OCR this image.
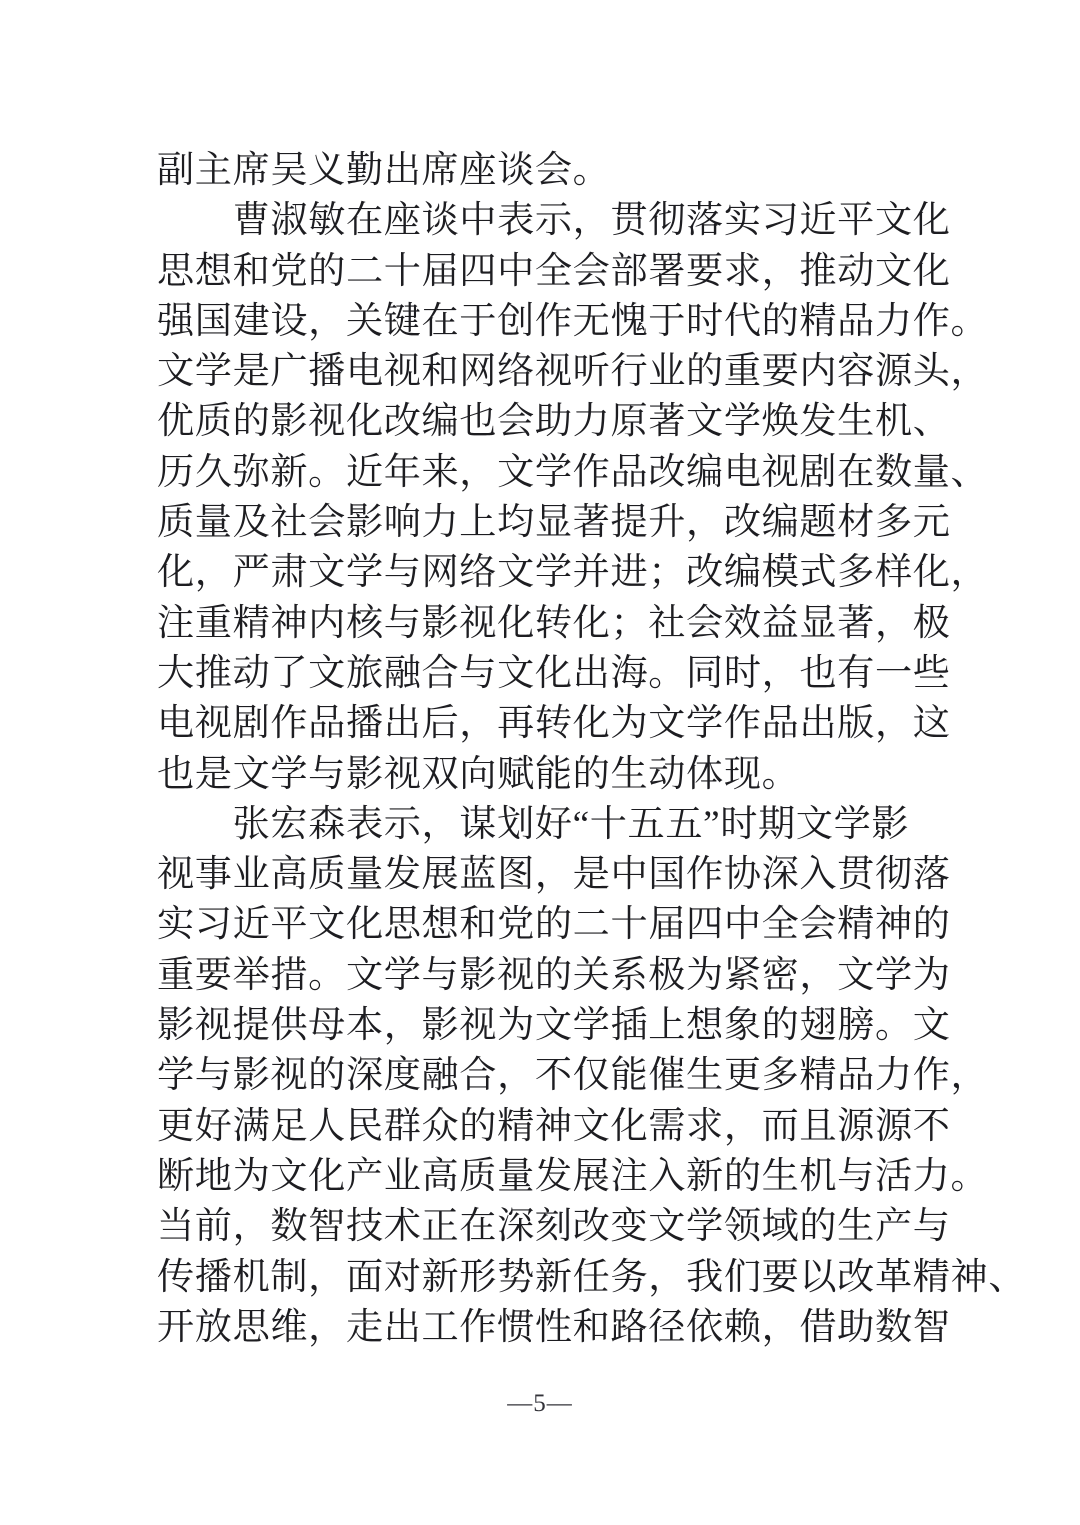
副主席吴义勤出席座谈会。
　　曹淑敏在座谈中表示，贯彻落实习近平文化
思想和党的二十届四中全会部署要求，推动文化
强国建设，关键在于创作无愧于时代的精品力作。
文学是广播电视和网络视听行业的重要内容源头，
优质的影视化改编也会助力原著文学焕发生机、
历久弥新。近年来，文学作品改编电视剧在数量、
质量及社会影响力上均显著提升，改编题材多元
化，严肃文学与网络文学并进；改编模式多样化，
注重精神内核与影视化转化；社会效益显著，极
大推动了文旅融合与文化出海。同时，也有一些
电视剧作品播出后，再转化为文学作品出版，这
也是文学与影视双向赋能的生动体现。
　　张宏森表示，谋划好“十五五”时期文学影
视事业高质量发展蓝图，是中国作协深入贯彻落
实习近平文化思想和党的二十届四中全会精神的
重要举措。文学与影视的关系极为紧密，文学为
影视提供母本，影视为文学插上想象的翅膀。文
学与影视的深度融合，不仅能催生更多精品力作，
更好满足人民群众的精神文化需求，而且源源不
断地为文化产业高质量发展注入新的生机与活力。
当前，数智技术正在深刻改变文学领域的生产与
传播机制，面对新形势新任务，我们要以改革精神、
开放思维，走出工作惯性和路径依赖，借助数智
—5—
